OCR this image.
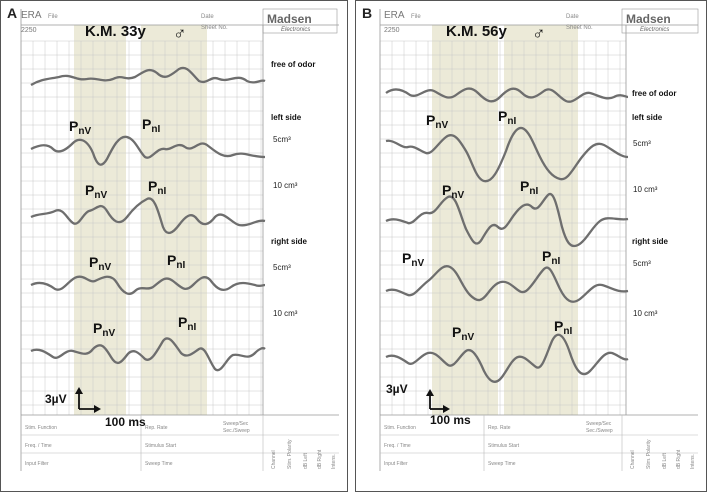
ERA
2250
File	Date
Sheet No.
Madsen
Electronics
K.M. 33y ♂
$P_{nV}$	$P_{nI}$
$P_{nV}$
$P_{nI}$
$P_{nV}$	$P_{nI}$
$P_{nV}$
$P_{nI}$
free of odor
left side
5cm³
10 cm³
right side
5cm³
10 cm³
3µV
100 ms
Stim. Function
Freq. / Time
Input Filter
Rep. Rate
Stimulus Start
Sweep Time
Sweep/Sec
Sec./Sweep
Channel Stim. Polarity dB Left dB Right Intens.
A	ERA
2250
File	Date
Sheet No.
Madsen
Electronics
K.M. 56y ♂
$P_{nV}$
$P_{nI}$
$P_{nV}$
$P_{nI}$
$P_{nV}$	$P_{nI}$
$P_{nV}$
$P_{nI}$
free of odor
left side
5cm³
10 cm³
right side
5cm³
10 cm³
3µV
100 ms
Stim. Function
Freq. / Time
Input Filter
Rep. Rate
Stimulus Start
Sweep Time
Sweep/Sec
Sec./Sweep
Channel Stim. Polarity dB Left dB Right Intens.
B
